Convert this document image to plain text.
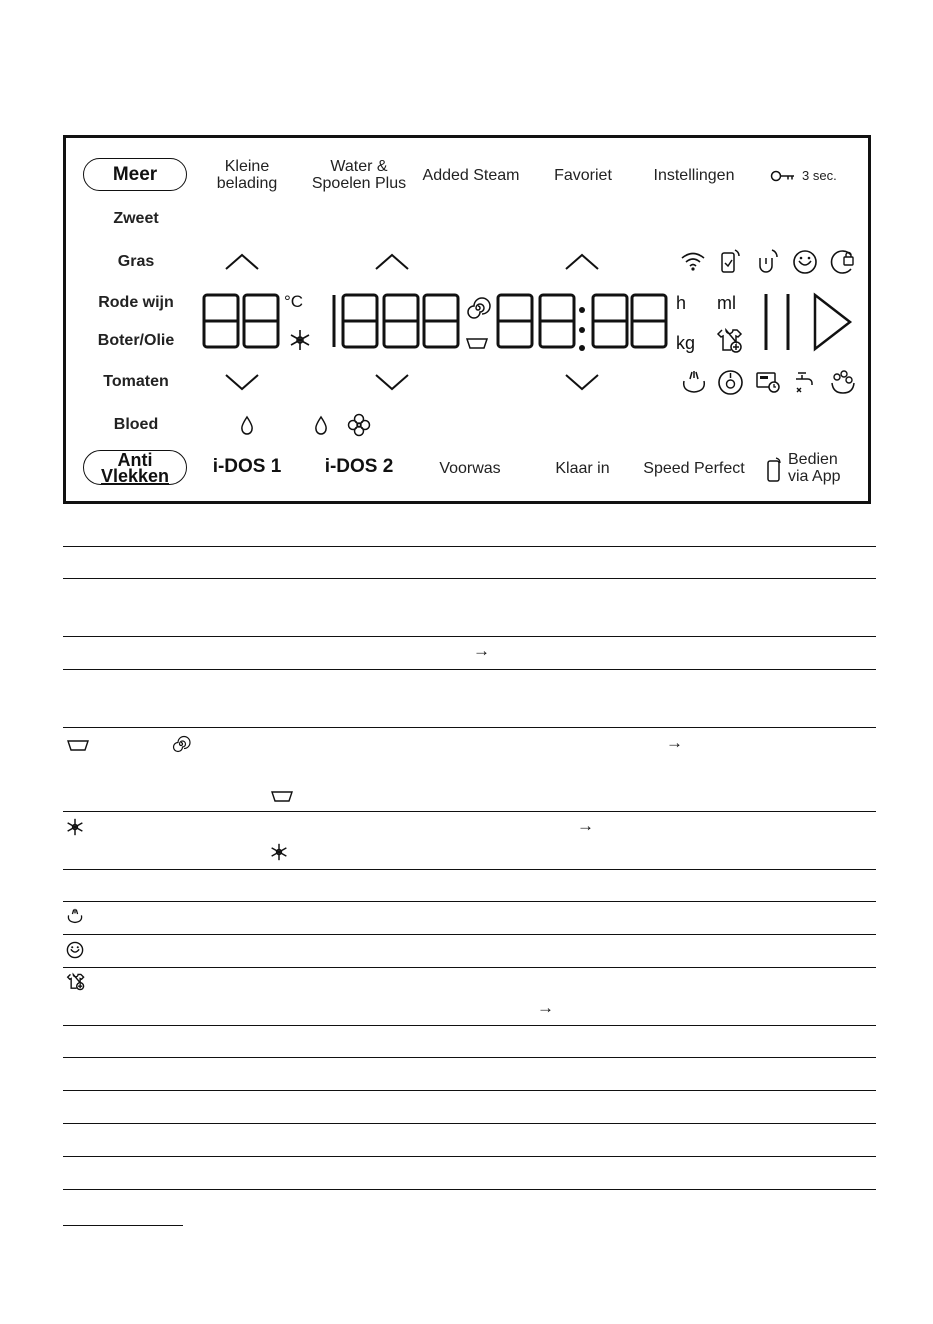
Meer	Kleine
belading
Water &
Spoelen Plus	Added Steam	Favoriet	Instellingen	3 sec.
Zweet
Gras
Rode wijn
Boter/Olie
Tomaten
Bloed
°C	h
kg
ml
Anti
Vlekken	i-DOS 1	i-DOS 2	Voorwas	Klaar in	Speed Perfect
Bedien
via App
→
→
→
→
